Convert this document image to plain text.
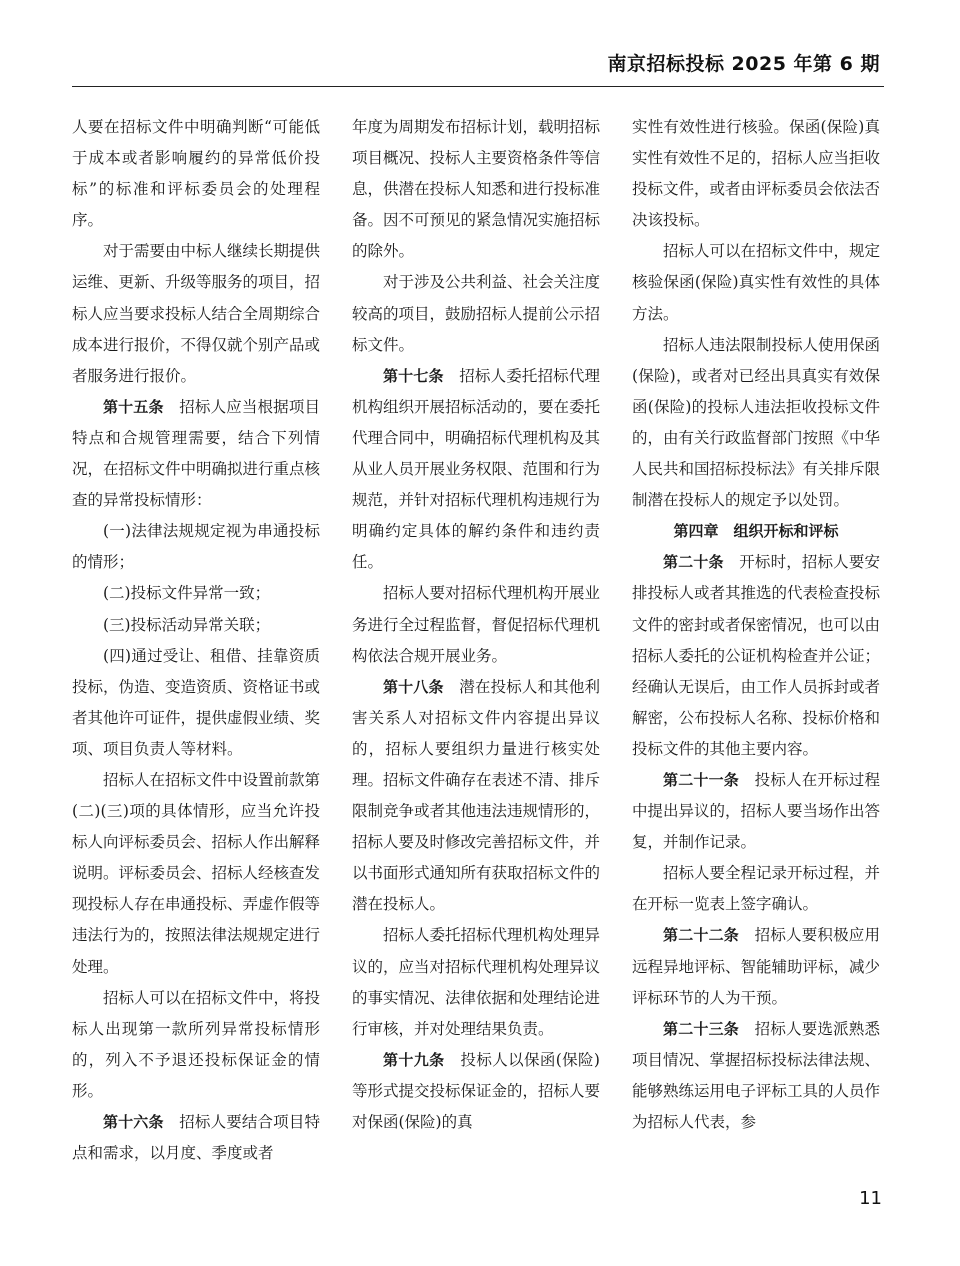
南京招标投标 2025 年第 6 期

人要在招标文件中明确判断“可能低于成本或者影响履约的异常低价投标”的标准和评标委员会的处理程序。

对于需要由中标人继续长期提供运维、更新、升级等服务的项目，招标人应当要求投标人结合全周期综合成本进行报价，不得仅就个别产品或者服务进行报价。

第十五条　 招标人应当根据项目特点和合规管理需要，结合下列情况，在招标文件中明确拟进行重点核查的异常投标情形：

(一)法律法规规定视为串通投标的情形；

(二)投标文件异常一致；

(三)投标活动异常关联；

(四)通过受让、租借、挂靠资质投标，伪造、变造资质、资格证书或者其他许可证件，提供虚假业绩、奖项、项目负责人等材料。

招标人在招标文件中设置前款第(二)(三)项的具体情形，应当允许投标人向评标委员会、招标人作出解释说明。评标委员会、招标人经核查发现投标人存在串通投标、弄虚作假等违法行为的，按照法律法规规定进行处理。

招标人可以在招标文件中，将投标人出现第一款所列异常投标情形的，列入不予退还投标保证金的情形。

第十六条　 招标人要结合项目特点和需求，以月度、季度或者

年度为周期发布招标计划，载明招标项目概况、投标人主要资格条件等信息，供潜在投标人知悉和进行投标准备。因不可预见的紧急情况实施招标的除外。

对于涉及公共利益、社会关注度较高的项目，鼓励招标人提前公示招标文件。

第十七条　 招标人委托招标代理机构组织开展招标活动的，要在委托代理合同中，明确招标代理机构及其从业人员开展业务权限、范围和行为规范，并针对招标代理机构违规行为明确约定具体的解约条件和违约责任。

招标人要对招标代理机构开展业务进行全过程监督，督促招标代理机构依法合规开展业务。

第十八条　 潜在投标人和其他利害关系人对招标文件内容提出异议的，招标人要组织力量进行核实处理。招标文件确存在表述不清、排斥限制竞争或者其他违法违规情形的，招标人要及时修改完善招标文件，并以书面形式通知所有获取招标文件的潜在投标人。

招标人委托招标代理机构处理异议的，应当对招标代理机构处理异议的事实情况、法律依据和处理结论进行审核，并对处理结果负责。

第十九条　 投标人以保函(保险)等形式提交投标保证金的，招标人要对保函(保险)的真

实性有效性进行核验。保函(保险)真实性有效性不足的，招标人应当拒收投标文件，或者由评标委员会依法否决该投标。

招标人可以在招标文件中，规定核验保函(保险)真实性有效性的具体方法。

招标人违法限制投标人使用保函(保险)，或者对已经出具真实有效保函(保险)的投标人违法拒收投标文件的，由有关行政监督部门按照《中华人民共和国招标投标法》有关排斥限制潜在投标人的规定予以处罚。

第四章　组织开标和评标

第二十条　 开标时，招标人要安排投标人或者其推选的代表检查投标文件的密封或者保密情况，也可以由招标人委托的公证机构检查并公证；经确认无误后，由工作人员拆封或者解密，公布投标人名称、投标价格和投标文件的其他主要内容。

第二十一条　 投标人在开标过程中提出异议的，招标人要当场作出答复，并制作记录。

招标人要全程记录开标过程，并在开标一览表上签字确认。

第二十二条　 招标人要积极应用远程异地评标、智能辅助评标，减少评标环节的人为干预。

第二十三条　 招标人要选派熟悉项目情况、掌握招标投标法律法规、能够熟练运用电子评标工具的人员作为招标人代表，参

11
